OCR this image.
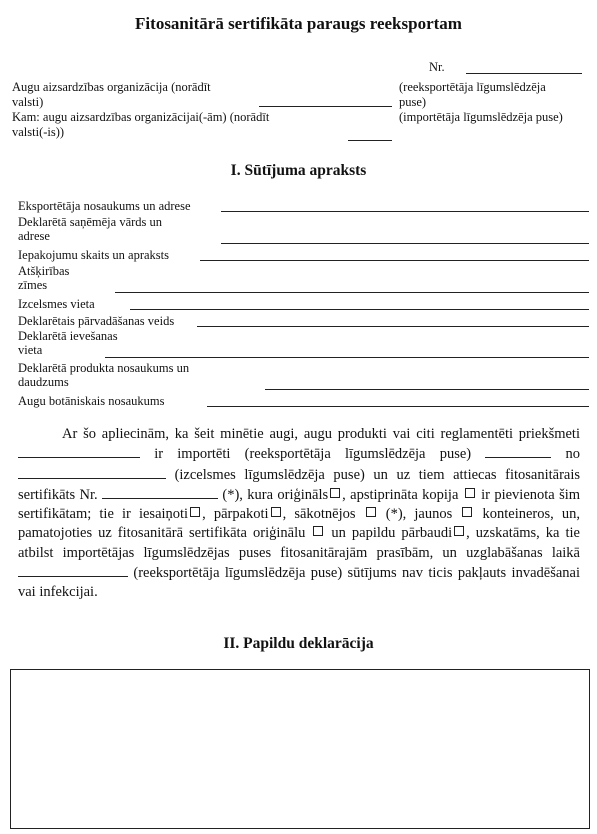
Fitosanitārā sertifikāta paraugs reeksportam
Nr.
Augu aizsardzības organizācija (norādīt
valsti)
(reeksportētāja līgumslēdzēja
puse)
Kam: augu aizsardzības organizācijai(-ām) (norādīt
valsti(-is))
(importētāja līgumslēdzēja puse)
I. Sūtījuma apraksts
Eksportētāja nosaukums un adrese
Deklarētā saņēmēja vārds un
adrese
Iepakojumu skaits un apraksts
Atšķirības
zīmes
Izcelsmes vieta
Deklarētais pārvadāšanas veids
Deklarētā ievešanas
vieta
Deklarētā produkta nosaukums un
daudzums
Augu botāniskais nosaukums

Ar šo apliecinām, ka šeit minētie augi, augu produkti vai citi reglamentēti priekšmeti  ir importēti (reeksportētāja līgumslēdzēja puse)	no  (izcelsmes līgumslēdzēja puse) un uz tiem attiecas fitosanitārais sertifikāts Nr.	(*), kura oriģināls , apstiprināta kopija ir pievienota šim sertifikātam; tie ir iesaiņoti , pārpakoti , sākotnējos (*), jaunos konteineros, un, pamatojoties uz fitosanitārā sertifikāta oriģinālu un papildu pārbaudi , uzskatāms, ka tie atbilst importētājas līgumslēdzējas puses fitosanitārajām prasībām, un uzglabāšanas laikā  (reeksportētāja līgumslēdzēja puse) sūtījums nav ticis pakļauts invadēšanai vai infekcijai.

II. Papildu deklarācija
